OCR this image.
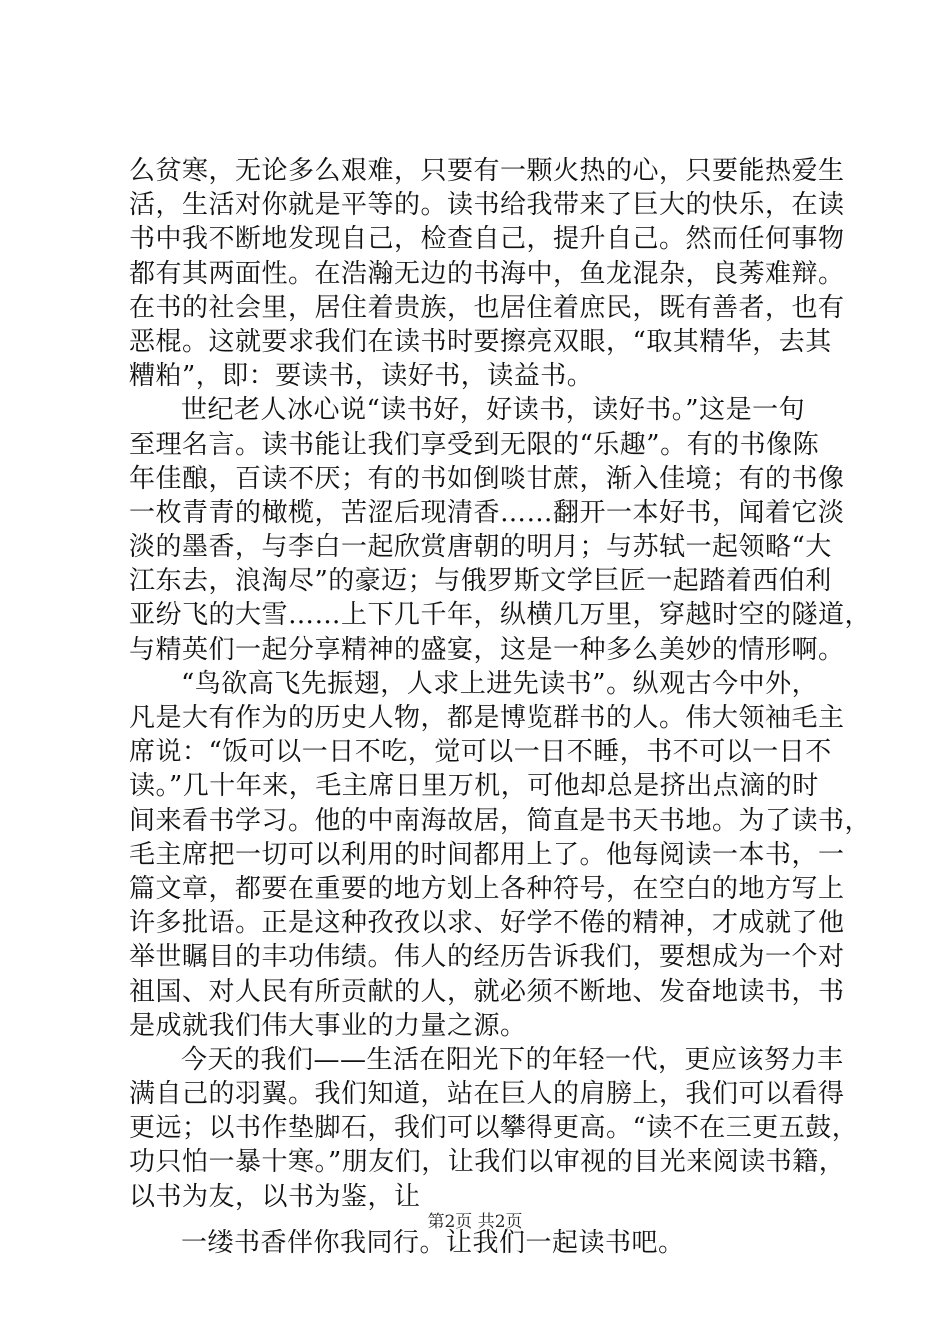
么贫寒，无论多么艰难，只要有一颗火热的心，只要能热爱生
活，生活对你就是平等的。读书给我带来了巨大的快乐，在读
书中我不断地发现自己，检查自己，提升自己。然而任何事物
都有其两面性。在浩瀚无边的书海中，鱼龙混杂，良莠难辩。
在书的社会里，居住着贵族，也居住着庶民，既有善者，也有
恶棍。这就要求我们在读书时要擦亮双眼，“取其精华，去其
糟粕”，即：要读书，读好书，读益书。
世纪老人冰心说“读书好，好读书，读好书。”这是一句
至理名言。读书能让我们享受到无限的“乐趣”。有的书像陈
年佳酿，百读不厌；有的书如倒啖甘蔗，渐入佳境；有的书像
一枚青青的橄榄，苦涩后现清香……翻开一本好书，闻着它淡
淡的墨香，与李白一起欣赏唐朝的明月；与苏轼一起领略“大
江东去，浪淘尽”的豪迈；与俄罗斯文学巨匠一起踏着西伯利
亚纷飞的大雪……上下几千年，纵横几万里，穿越时空的隧道，
与精英们一起分享精神的盛宴，这是一种多么美妙的情形啊。
“鸟欲高飞先振翅，人求上进先读书”。纵观古今中外，
凡是大有作为的历史人物，都是博览群书的人。伟大领袖毛主
席说：“饭可以一日不吃，觉可以一日不睡，书不可以一日不
读。”几十年来，毛主席日里万机，可他却总是挤出点滴的时
间来看书学习。他的中南海故居，简直是书天书地。为了读书，
毛主席把一切可以利用的时间都用上了。他每阅读一本书，一
篇文章，都要在重要的地方划上各种符号，在空白的地方写上
许多批语。正是这种孜孜以求、好学不倦的精神，才成就了他
举世瞩目的丰功伟绩。伟人的经历告诉我们，要想成为一个对
祖国、对人民有所贡献的人，就必须不断地、发奋地读书，书
是成就我们伟大事业的力量之源。
今天的我们——生活在阳光下的年轻一代，更应该努力丰
满自己的羽翼。我们知道，站在巨人的肩膀上，我们可以看得
更远；以书作垫脚石，我们可以攀得更高。“读不在三更五鼓，
功只怕一暴十寒。”朋友们，让我们以审视的目光来阅读书籍，
以书为友，以书为鉴，让
一缕书香伴你我同行。让我们一起读书吧。
第2页 共2页
